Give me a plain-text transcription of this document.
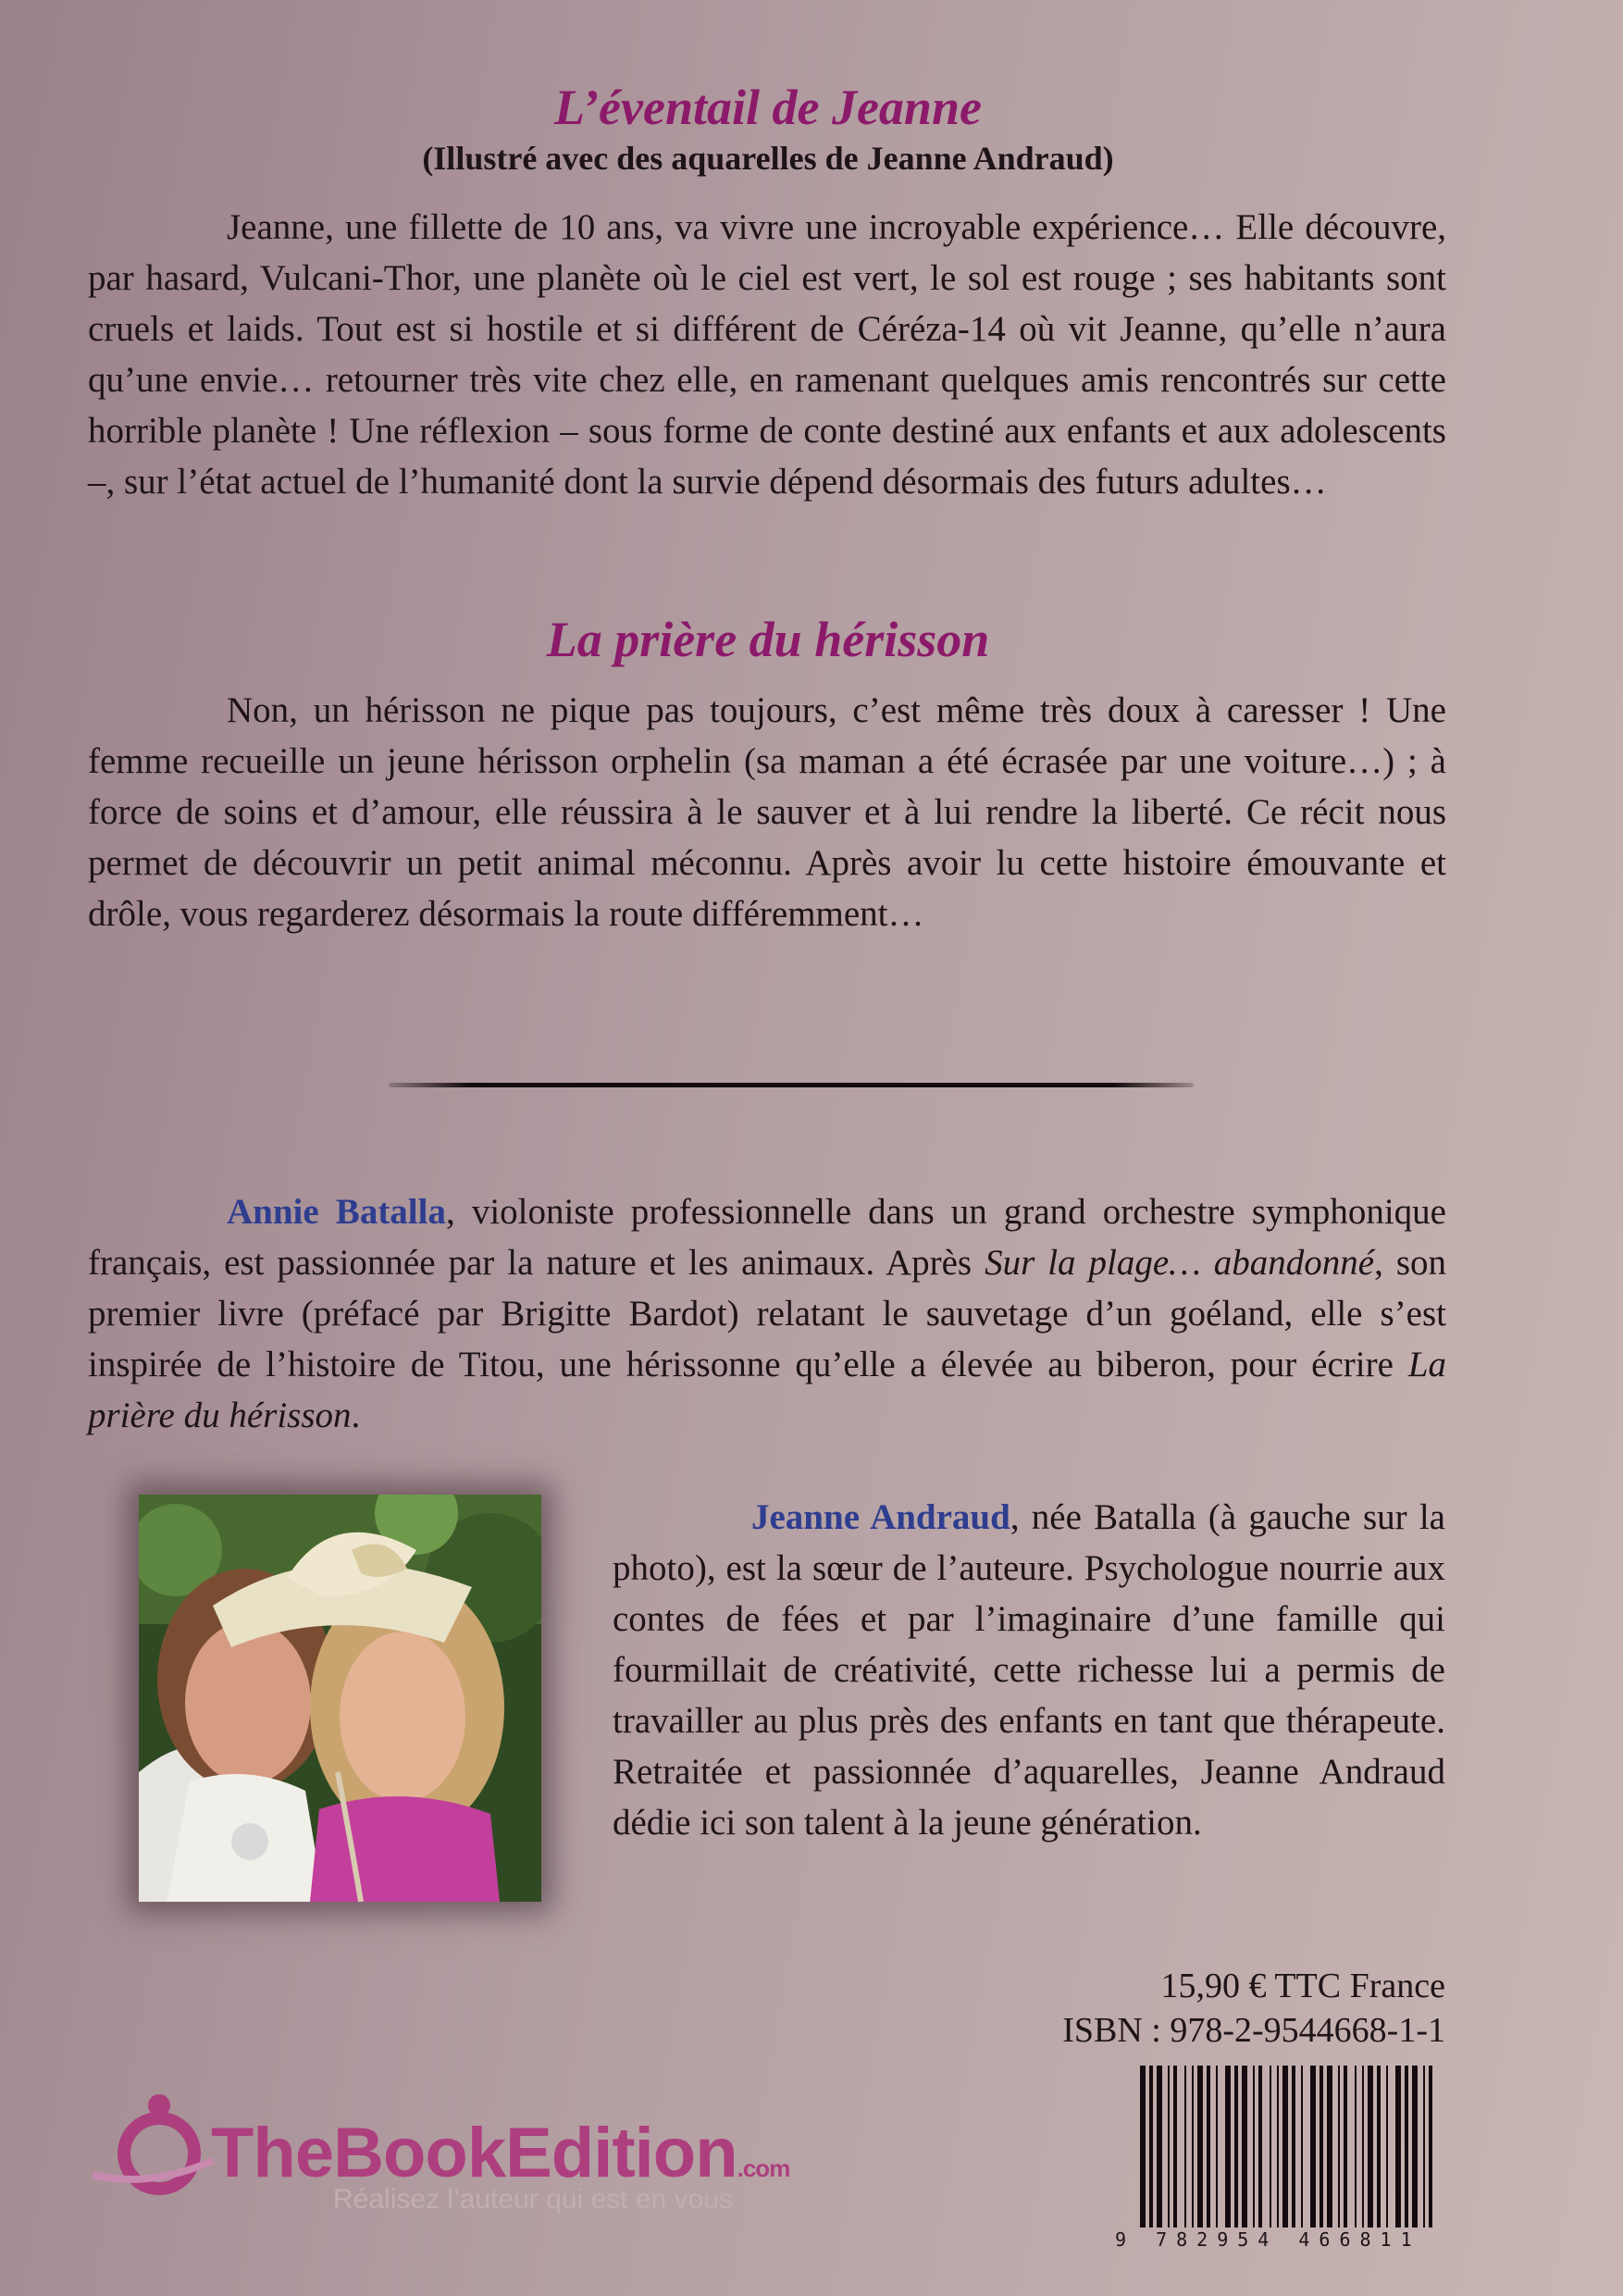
L’éventail de Jeanne
(Illustré avec des aquarelles de Jeanne Andraud)
Jeanne, une fillette de 10 ans, va vivre une incroyable expérience… Elle découvre, par hasard, Vulcani-Thor, une planète où le ciel est vert, le sol est rouge ; ses habitants sont cruels et laids. Tout est si hostile et si différent de Céréza-14 où vit Jeanne, qu’elle n’aura qu’une envie… retourner très vite chez elle, en ramenant quelques amis rencontrés sur cette horrible planète ! Une réflexion – sous forme de conte destiné aux enfants et aux adolescents –, sur l’état actuel de l’humanité dont la survie dépend désormais des futurs adultes…
La prière du hérisson
Non, un hérisson ne pique pas toujours, c’est même très doux à caresser ! Une femme recueille un jeune hérisson orphelin (sa maman a été écrasée par une voiture…) ; à force de soins et d’amour, elle réussira à le sauver et à lui rendre la liberté. Ce récit nous permet de découvrir un petit animal méconnu. Après avoir lu cette histoire émouvante et drôle, vous regarderez désormais la route différemment…
Annie Batalla, violoniste professionnelle dans un grand orchestre symphonique français, est passionnée par la nature et les animaux. Après Sur la plage… abandonné, son premier livre (préfacé par Brigitte Bardot) relatant le sauvetage d’un goéland, elle s’est inspirée de l’histoire de Titou, une hérissonne qu’elle a élevée au biberon, pour écrire La prière du hérisson.
Jeanne Andraud, née Batalla (à gauche sur la photo), est la sœur de l’auteure. Psychologue nourrie aux contes de fées et par l’imaginaire d’une famille qui fourmillait de créativité, cette richesse lui a permis de travailler au plus près des enfants en tant que thérapeute. Retraitée et passionnée d’aquarelles, Jeanne Andraud dédie ici son talent à la jeune génération.
15,90 € TTC France
ISBN : 978-2-9544668-1-1
9 782954 466811
TheBookEdition.com
Réalisez l’auteur qui est en vous
